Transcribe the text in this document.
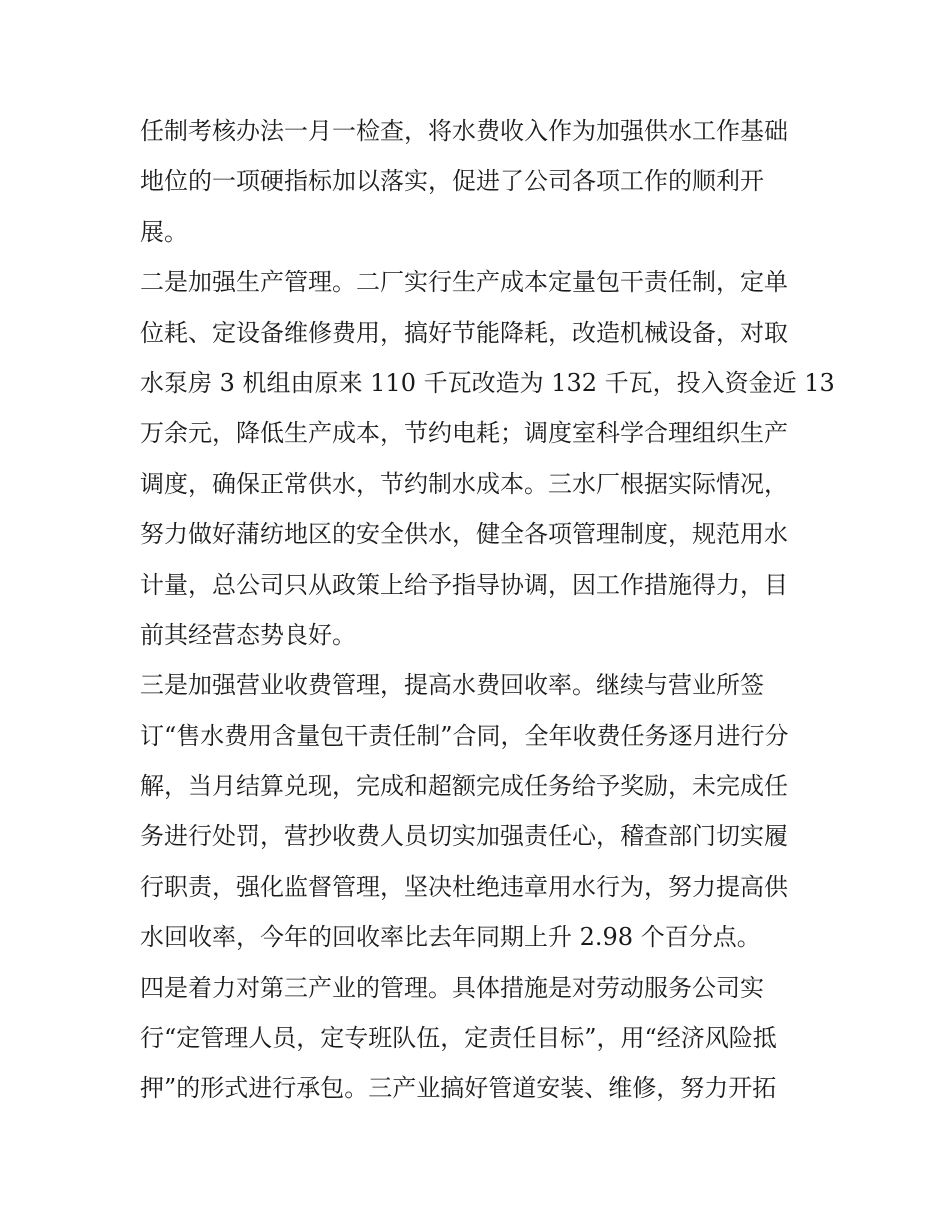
任制考核办法一月一检查，将水费收入作为加强供水工作基础
地位的一项硬指标加以落实，促进了公司各项工作的顺利开
展。
二是加强生产管理。二厂实行生产成本定量包干责任制，定单
位耗、定设备维修费用，搞好节能降耗，改造机械设备，对取
水泵房 3 机组由原来 110 千瓦改造为 132 千瓦，投入资金近 13
万余元，降低生产成本，节约电耗；调度室科学合理组织生产
调度，确保正常供水，节约制水成本。三水厂根据实际情况，
努力做好蒲纺地区的安全供水，健全各项管理制度，规范用水
计量，总公司只从政策上给予指导协调，因工作措施得力，目
前其经营态势良好。
三是加强营业收费管理，提高水费回收率。继续与营业所签
订“售水费用含量包干责任制”合同，全年收费任务逐月进行分
解，当月结算兑现，完成和超额完成任务给予奖励，未完成任
务进行处罚，营抄收费人员切实加强责任心，稽查部门切实履
行职责，强化监督管理，坚决杜绝违章用水行为，努力提高供
水回收率，今年的回收率比去年同期上升 2.98 个百分点。
四是着力对第三产业的管理。具体措施是对劳动服务公司实
行“定管理人员，定专班队伍，定责任目标”，用“经济风险抵
押”的形式进行承包。三产业搞好管道安装、维修，努力开拓
